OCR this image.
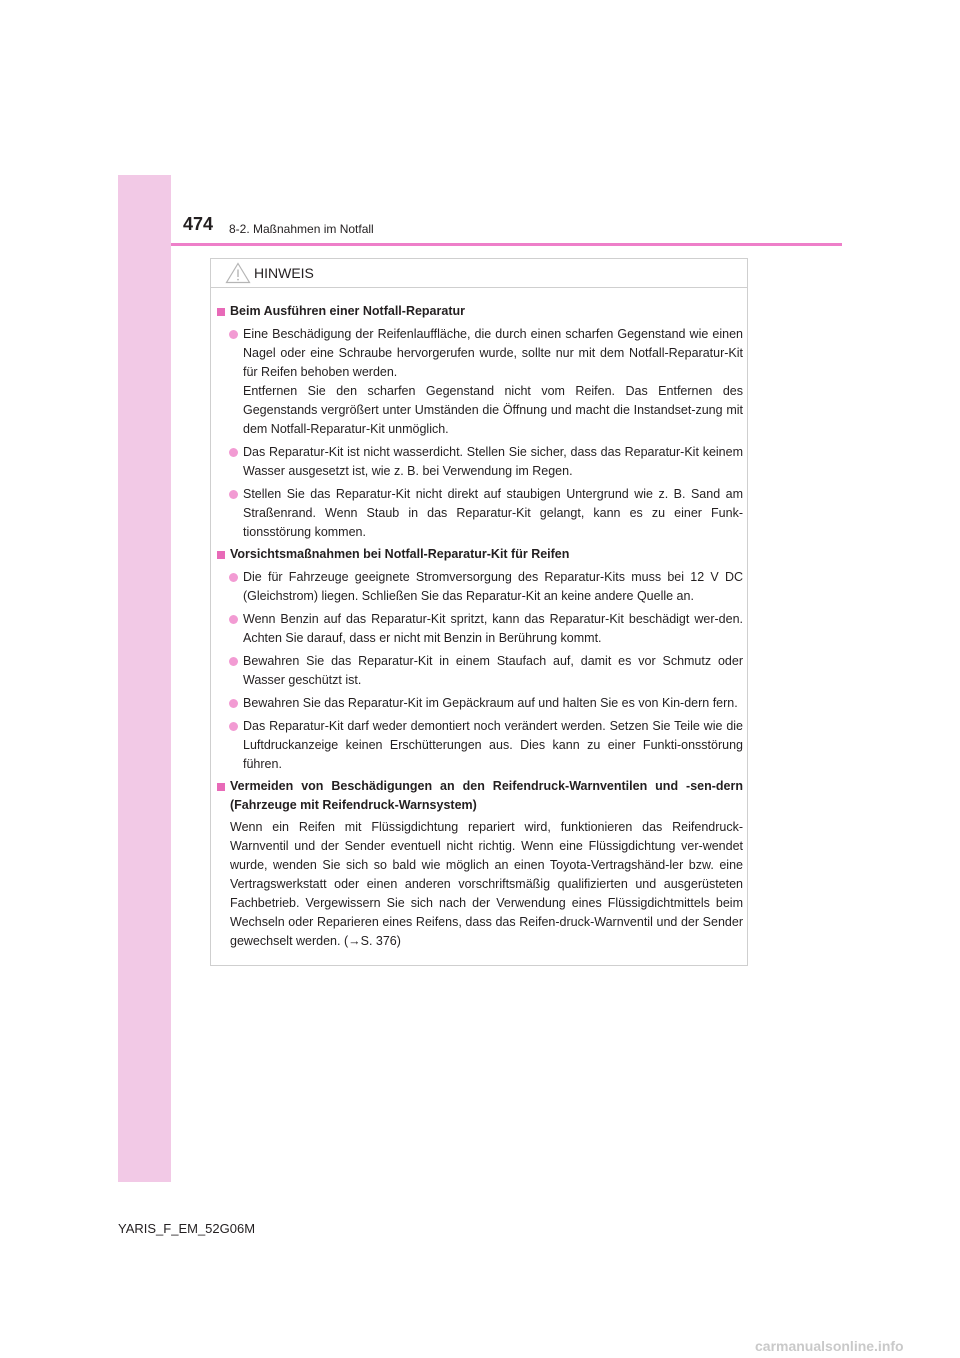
474 8-2. Maßnahmen im Notfall
HINWEIS
Beim Ausführen einer Notfall-Reparatur
Eine Beschädigung der Reifenlauffläche, die durch einen scharfen Gegenstand wie einen Nagel oder eine Schraube hervorgerufen wurde, sollte nur mit dem Notfall-Reparatur-Kit für Reifen behoben werden.
Entfernen Sie den scharfen Gegenstand nicht vom Reifen. Das Entfernen des Gegenstands vergrößert unter Umständen die Öffnung und macht die Instandset-zung mit dem Notfall-Reparatur-Kit unmöglich.
Das Reparatur-Kit ist nicht wasserdicht. Stellen Sie sicher, dass das Reparatur-Kit keinem Wasser ausgesetzt ist, wie z. B. bei Verwendung im Regen.
Stellen Sie das Reparatur-Kit nicht direkt auf staubigen Untergrund wie z. B. Sand am Straßenrand. Wenn Staub in das Reparatur-Kit gelangt, kann es zu einer Funk-tionsstörung kommen.
Vorsichtsmaßnahmen bei Notfall-Reparatur-Kit für Reifen
Die für Fahrzeuge geeignete Stromversorgung des Reparatur-Kits muss bei 12 V DC (Gleichstrom) liegen. Schließen Sie das Reparatur-Kit an keine andere Quelle an.
Wenn Benzin auf das Reparatur-Kit spritzt, kann das Reparatur-Kit beschädigt wer-den. Achten Sie darauf, dass er nicht mit Benzin in Berührung kommt.
Bewahren Sie das Reparatur-Kit in einem Staufach auf, damit es vor Schmutz oder Wasser geschützt ist.
Bewahren Sie das Reparatur-Kit im Gepäckraum auf und halten Sie es von Kin-dern fern.
Das Reparatur-Kit darf weder demontiert noch verändert werden. Setzen Sie Teile wie die Luftdruckanzeige keinen Erschütterungen aus. Dies kann zu einer Funkti-onsstörung führen.
Vermeiden von Beschädigungen an den Reifendruck-Warnventilen und -sen-dern (Fahrzeuge mit Reifendruck-Warnsystem)
Wenn ein Reifen mit Flüssigdichtung repariert wird, funktionieren das Reifendruck-Warnventil und der Sender eventuell nicht richtig. Wenn eine Flüssigdichtung ver-wendet wurde, wenden Sie sich so bald wie möglich an einen Toyota-Vertragshänd-ler bzw. eine Vertragswerkstatt oder einen anderen vorschriftsmäßig qualifizierten und ausgerüsteten Fachbetrieb. Vergewissern Sie sich nach der Verwendung eines Flüssigdichtmittels beim Wechseln oder Reparieren eines Reifens, dass das Reifen-druck-Warnventil und der Sender gewechselt werden. (→S. 376)
YARIS_F_EM_52G06M
carmanualsonline.info
